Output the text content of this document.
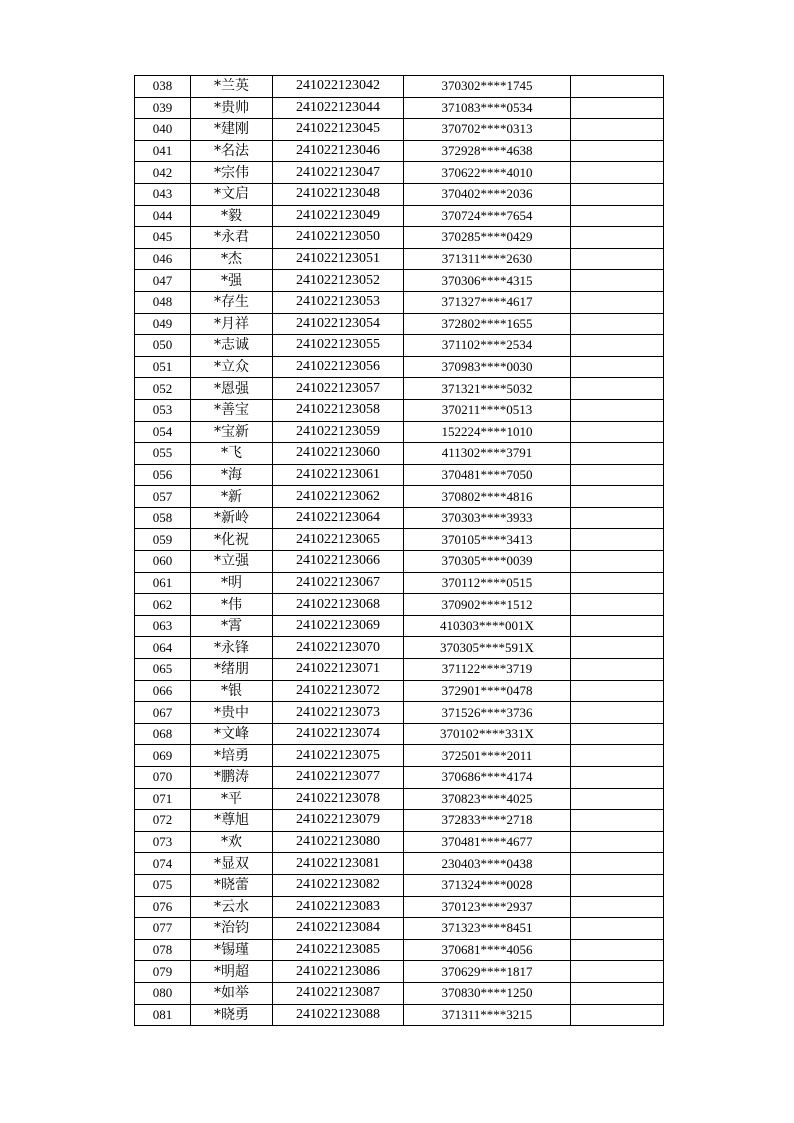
038	*兰英	241022123042	370302****1745	
039	*贵帅	241022123044	371083****0534	
040	*建刚	241022123045	370702****0313	
041	*名法	241022123046	372928****4638	
042	*宗伟	241022123047	370622****4010	
043	*文启	241022123048	370402****2036	
044	*毅	241022123049	370724****7654	
045	*永君	241022123050	370285****0429	
046	*杰	241022123051	371311****2630	
047	*强	241022123052	370306****4315	
048	*存生	241022123053	371327****4617	
049	*月祥	241022123054	372802****1655	
050	*志诚	241022123055	371102****2534	
051	*立众	241022123056	370983****0030	
052	*恩强	241022123057	371321****5032	
053	*善宝	241022123058	370211****0513	
054	*宝新	241022123059	152224****1010	
055	*飞	241022123060	411302****3791	
056	*海	241022123061	370481****7050	
057	*新	241022123062	370802****4816	
058	*新岭	241022123064	370303****3933	
059	*化祝	241022123065	370105****3413	
060	*立强	241022123066	370305****0039	
061	*明	241022123067	370112****0515	
062	*伟	241022123068	370902****1512	
063	*霄	241022123069	410303****001X	
064	*永锋	241022123070	370305****591X	
065	*绪朋	241022123071	371122****3719	
066	*银	241022123072	372901****0478	
067	*贵中	241022123073	371526****3736	
068	*文峰	241022123074	370102****331X	
069	*培勇	241022123075	372501****2011	
070	*鹏涛	241022123077	370686****4174	
071	*平	241022123078	370823****4025	
072	*尊旭	241022123079	372833****2718	
073	*欢	241022123080	370481****4677	
074	*显双	241022123081	230403****0438	
075	*晓蕾	241022123082	371324****0028	
076	*云水	241022123083	370123****2937	
077	*治钧	241022123084	371323****8451	
078	*锡瑾	241022123085	370681****4056	
079	*明超	241022123086	370629****1817	
080	*如举	241022123087	370830****1250	
081	*晓勇	241022123088	371311****3215	
